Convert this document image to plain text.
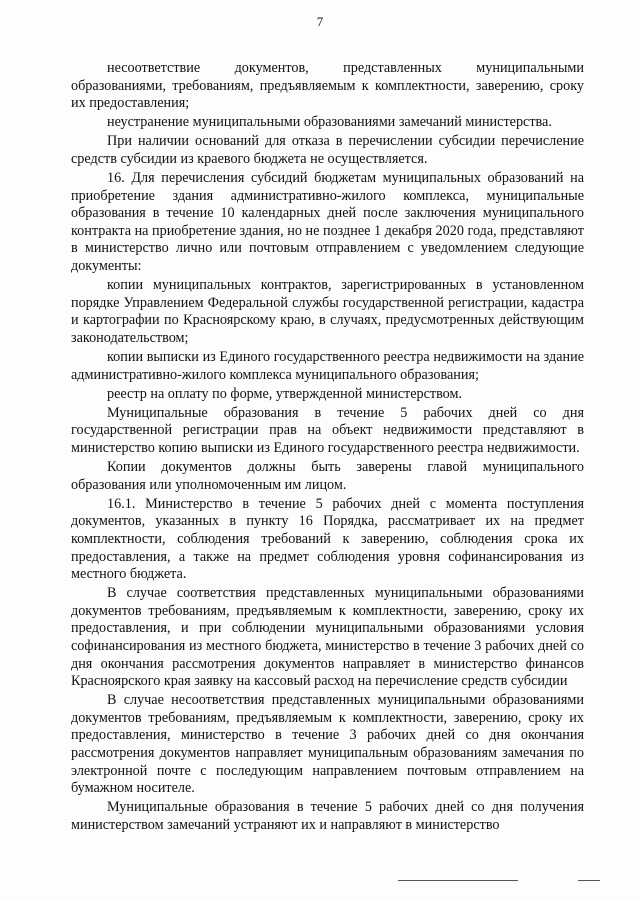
7

несоответствие документов, представленных муниципальными образованиями, требованиям, предъявляемым к комплектности, заверению, сроку их предоставления;

неустранение муниципальными образованиями замечаний министерства.

При наличии оснований для отказа в перечислении субсидии перечисление средств субсидии из краевого бюджета не осуществляется.

16. Для перечисления субсидий бюджетам муниципальных образований на приобретение здания административно-жилого комплекса, муниципальные образования в течение 10 календарных дней после заключения муниципального контракта на приобретение здания, но не позднее 1 декабря 2020 года, представляют в министерство лично или почтовым отправлением с уведомлением следующие документы:

копии муниципальных контрактов, зарегистрированных в установленном порядке Управлением Федеральной службы государственной регистрации, кадастра и картографии по Красноярскому краю, в случаях, предусмотренных действующим законодательством;

копии выписки из Единого государственного реестра недвижимости на здание административно-жилого комплекса муниципального образования;

реестр на оплату по форме, утвержденной министерством.

Муниципальные образования в течение 5 рабочих дней со дня государственной регистрации прав на объект недвижимости представляют в министерство копию выписки из Единого государственного реестра недвижимости.

Копии документов должны быть заверены главой муниципального образования или уполномоченным им лицом.

16.1. Министерство в течение 5 рабочих дней с момента поступления документов, указанных в пункту 16 Порядка, рассматривает их на предмет комплектности, соблюдения требований к заверению, соблюдения срока их предоставления, а также на предмет соблюдения уровня софинансирования из местного бюджета.

В случае соответствия представленных муниципальными образованиями документов требованиям, предъявляемым к комплектности, заверению, сроку их предоставления, и при соблюдении муниципальными образованиями условия софинансирования из местного бюджета, министерство в течение 3 рабочих дней со дня окончания рассмотрения документов направляет в министерство финансов Красноярского края заявку на кассовый расход на перечисление средств субсидии

В случае несоответствия представленных муниципальными образованиями документов требованиям, предъявляемым к комплектности, заверению, сроку их предоставления, министерство в течение 3 рабочих дней со дня окончания рассмотрения документов направляет муниципальным образованиям замечания по электронной почте с последующим направлением почтовым отправлением на бумажном носителе.

Муниципальные образования в течение 5 рабочих дней со дня получения министерством замечаний устраняют их и направляют в министерство
